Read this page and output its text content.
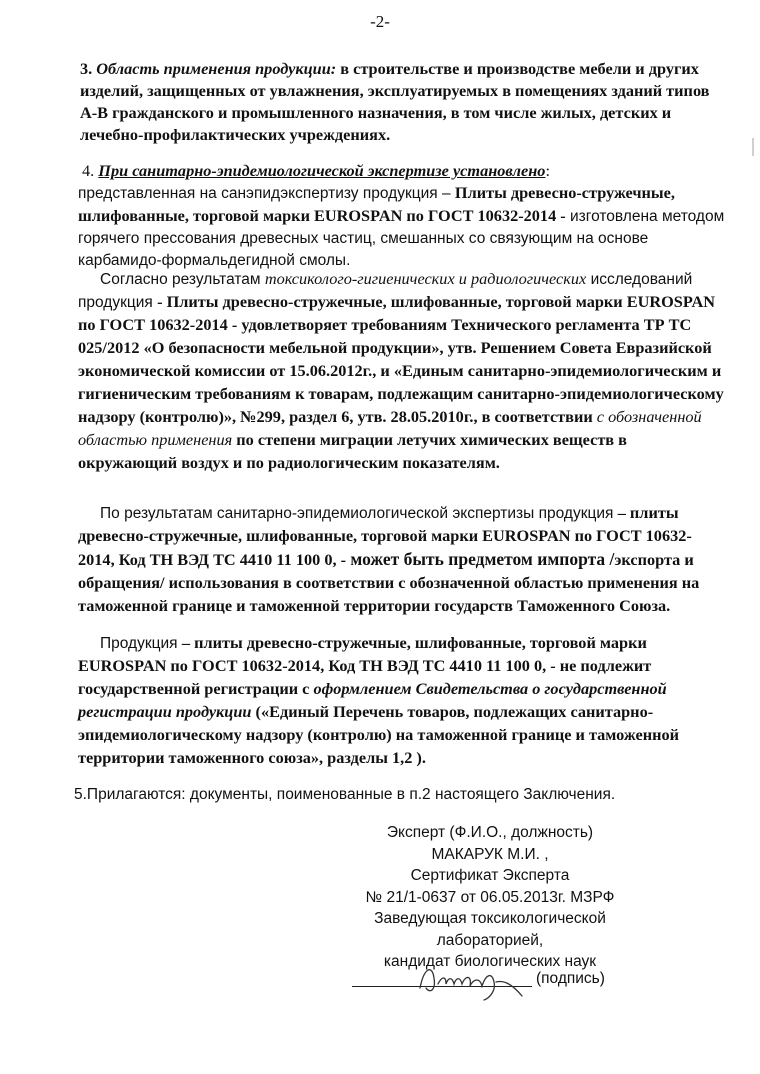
-2-
3. Область применения продукции: в строительстве и производстве мебели и других изделий, защищенных от увлажнения, эксплуатируемых в помещениях зданий типов А-В гражданского и промышленного назначения, в том числе жилых, детских и лечебно-профилактических учреждениях.
4. При санитарно-эпидемиологической экспертизе установлено:
представленная на санэпидэкспертизу продукция – Плиты древесно-стружечные, шлифованные, торговой марки EUROSPAN по ГОСТ 10632-2014 - изготовлена методом горячего прессования древесных частиц, смешанных со связующим на основе карбамидо-формальдегидной смолы.
Согласно результатам токсиколого-гигиенических и радиологических исследований продукция - Плиты древесно-стружечные, шлифованные, торговой марки EUROSPAN по ГОСТ 10632-2014 - удовлетворяет требованиям Технического регламента ТР ТС 025/2012 «О безопасности мебельной продукции», утв. Решением Совета Евразийской экономической комиссии от 15.06.2012г., и «Единым санитарно-эпидемиологическим и гигиеническим требованиям к товарам, подлежащим санитарно-эпидемиологическому надзору (контролю)», №299, раздел 6, утв. 28.05.2010г., в соответствии с обозначенной областью применения по степени миграции летучих химических веществ в окружающий воздух и по радиологическим показателям.
По результатам санитарно-эпидемиологической экспертизы продукция – плиты древесно-стружечные, шлифованные, торговой марки EUROSPAN по ГОСТ 10632-2014, Код ТН ВЭД ТС 4410 11 100 0, - может быть предметом импорта /экспорта и обращения/ использования в соответствии с обозначенной областью применения на таможенной границе и таможенной территории государств Таможенного Союза.
Продукция – плиты древесно-стружечные, шлифованные, торговой марки EUROSPAN по ГОСТ 10632-2014, Код ТН ВЭД ТС 4410 11 100 0, - не подлежит государственной регистрации с оформлением Свидетельства о государственной регистрации продукции («Единый Перечень товаров, подлежащих санитарно-эпидемиологическому надзору (контролю) на таможенной границе и таможенной территории таможенного союза», разделы 1,2 ).
5.Прилагаются: документы, поименованные в п.2 настоящего Заключения.
Эксперт (Ф.И.О., должность)
МАКАРУК М.И. ,
Сертификат Эксперта
№ 21/1-0637 от 06.05.2013г. МЗРФ
Заведующая токсикологической
лабораторией,
кандидат биологических наук
(подпись)
